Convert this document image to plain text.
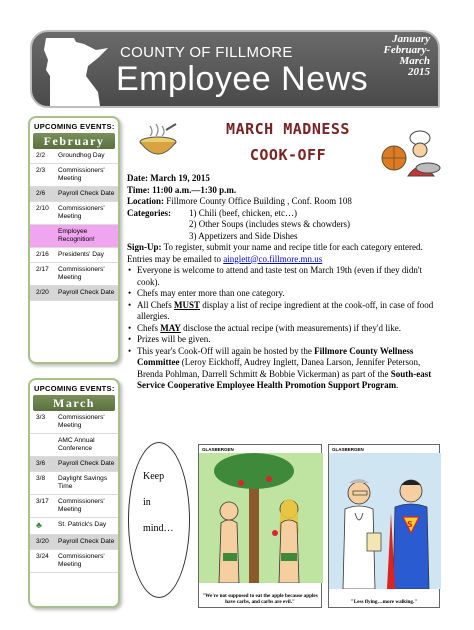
COUNTY OF FILLMORE
Employee News
January
February-
March
2015
UPCOMING EVENTS:
February
2/2	Groundhog Day
2/3	Commissioners' Meeting
2/6	Payroll Check Date
2/10	Commissioners' Meeting
Employee Recognition!
2/16	Presidents' Day
2/17	Commissioners' Meeting
2/20	Payroll Check Date
UPCOMING EVENTS:
March
3/3	Commissioners' Meeting
AMC Annual Conference
3/6	Payroll Check Date
3/8	Daylight Savings Time
3/17	Commissioners' Meeting
♣	St. Patrick's Day
3/20	Payroll Check Date
3/24	Commissioners' Meeting
MARCH MADNESS
COOK-OFF

Date: March 19, 2015

Time: 11:00 a.m.—1:30 p.m.

Location: Fillmore County Office Building , Conf. Room 108

Categories:	1) Chili (beef, chicken, etc…)

2) Other Soups (includes stews & chowders)

3) Appetizers and Side Dishes

Sign-Up: To register, submit your name and recipe title for each category entered. Entries may be emailed to ainglett@co.fillmore.mn.us

• Everyone is welcome to attend and taste test on March 19th (even if they didn't cook).
• Chefs may enter more than one category.
• All Chefs MUST display a list of recipe ingredient at the cook-off, in case of food allergies.
• Chefs MAY disclose the actual recipe (with measurements) if they'd like.
• Prizes will be given.
• This year's Cook-Off will again be hosted by the Fillmore County Wellness Committee (Leroy Eickhoff, Audrey Inglett, Danea Larson, Jennifer Peterson, Brenda Pohlman, Darrell Schmitt & Bobbie Vickerman) as part of the South-east Service Cooperative Employee Health Promotion Support Program.
Keep
in
mind…
GLASBERGEN
"We're not supposed to eat the apple because apples have carbs, and carbs are evil."
GLASBERGEN
S
"Less flying…more walking."
